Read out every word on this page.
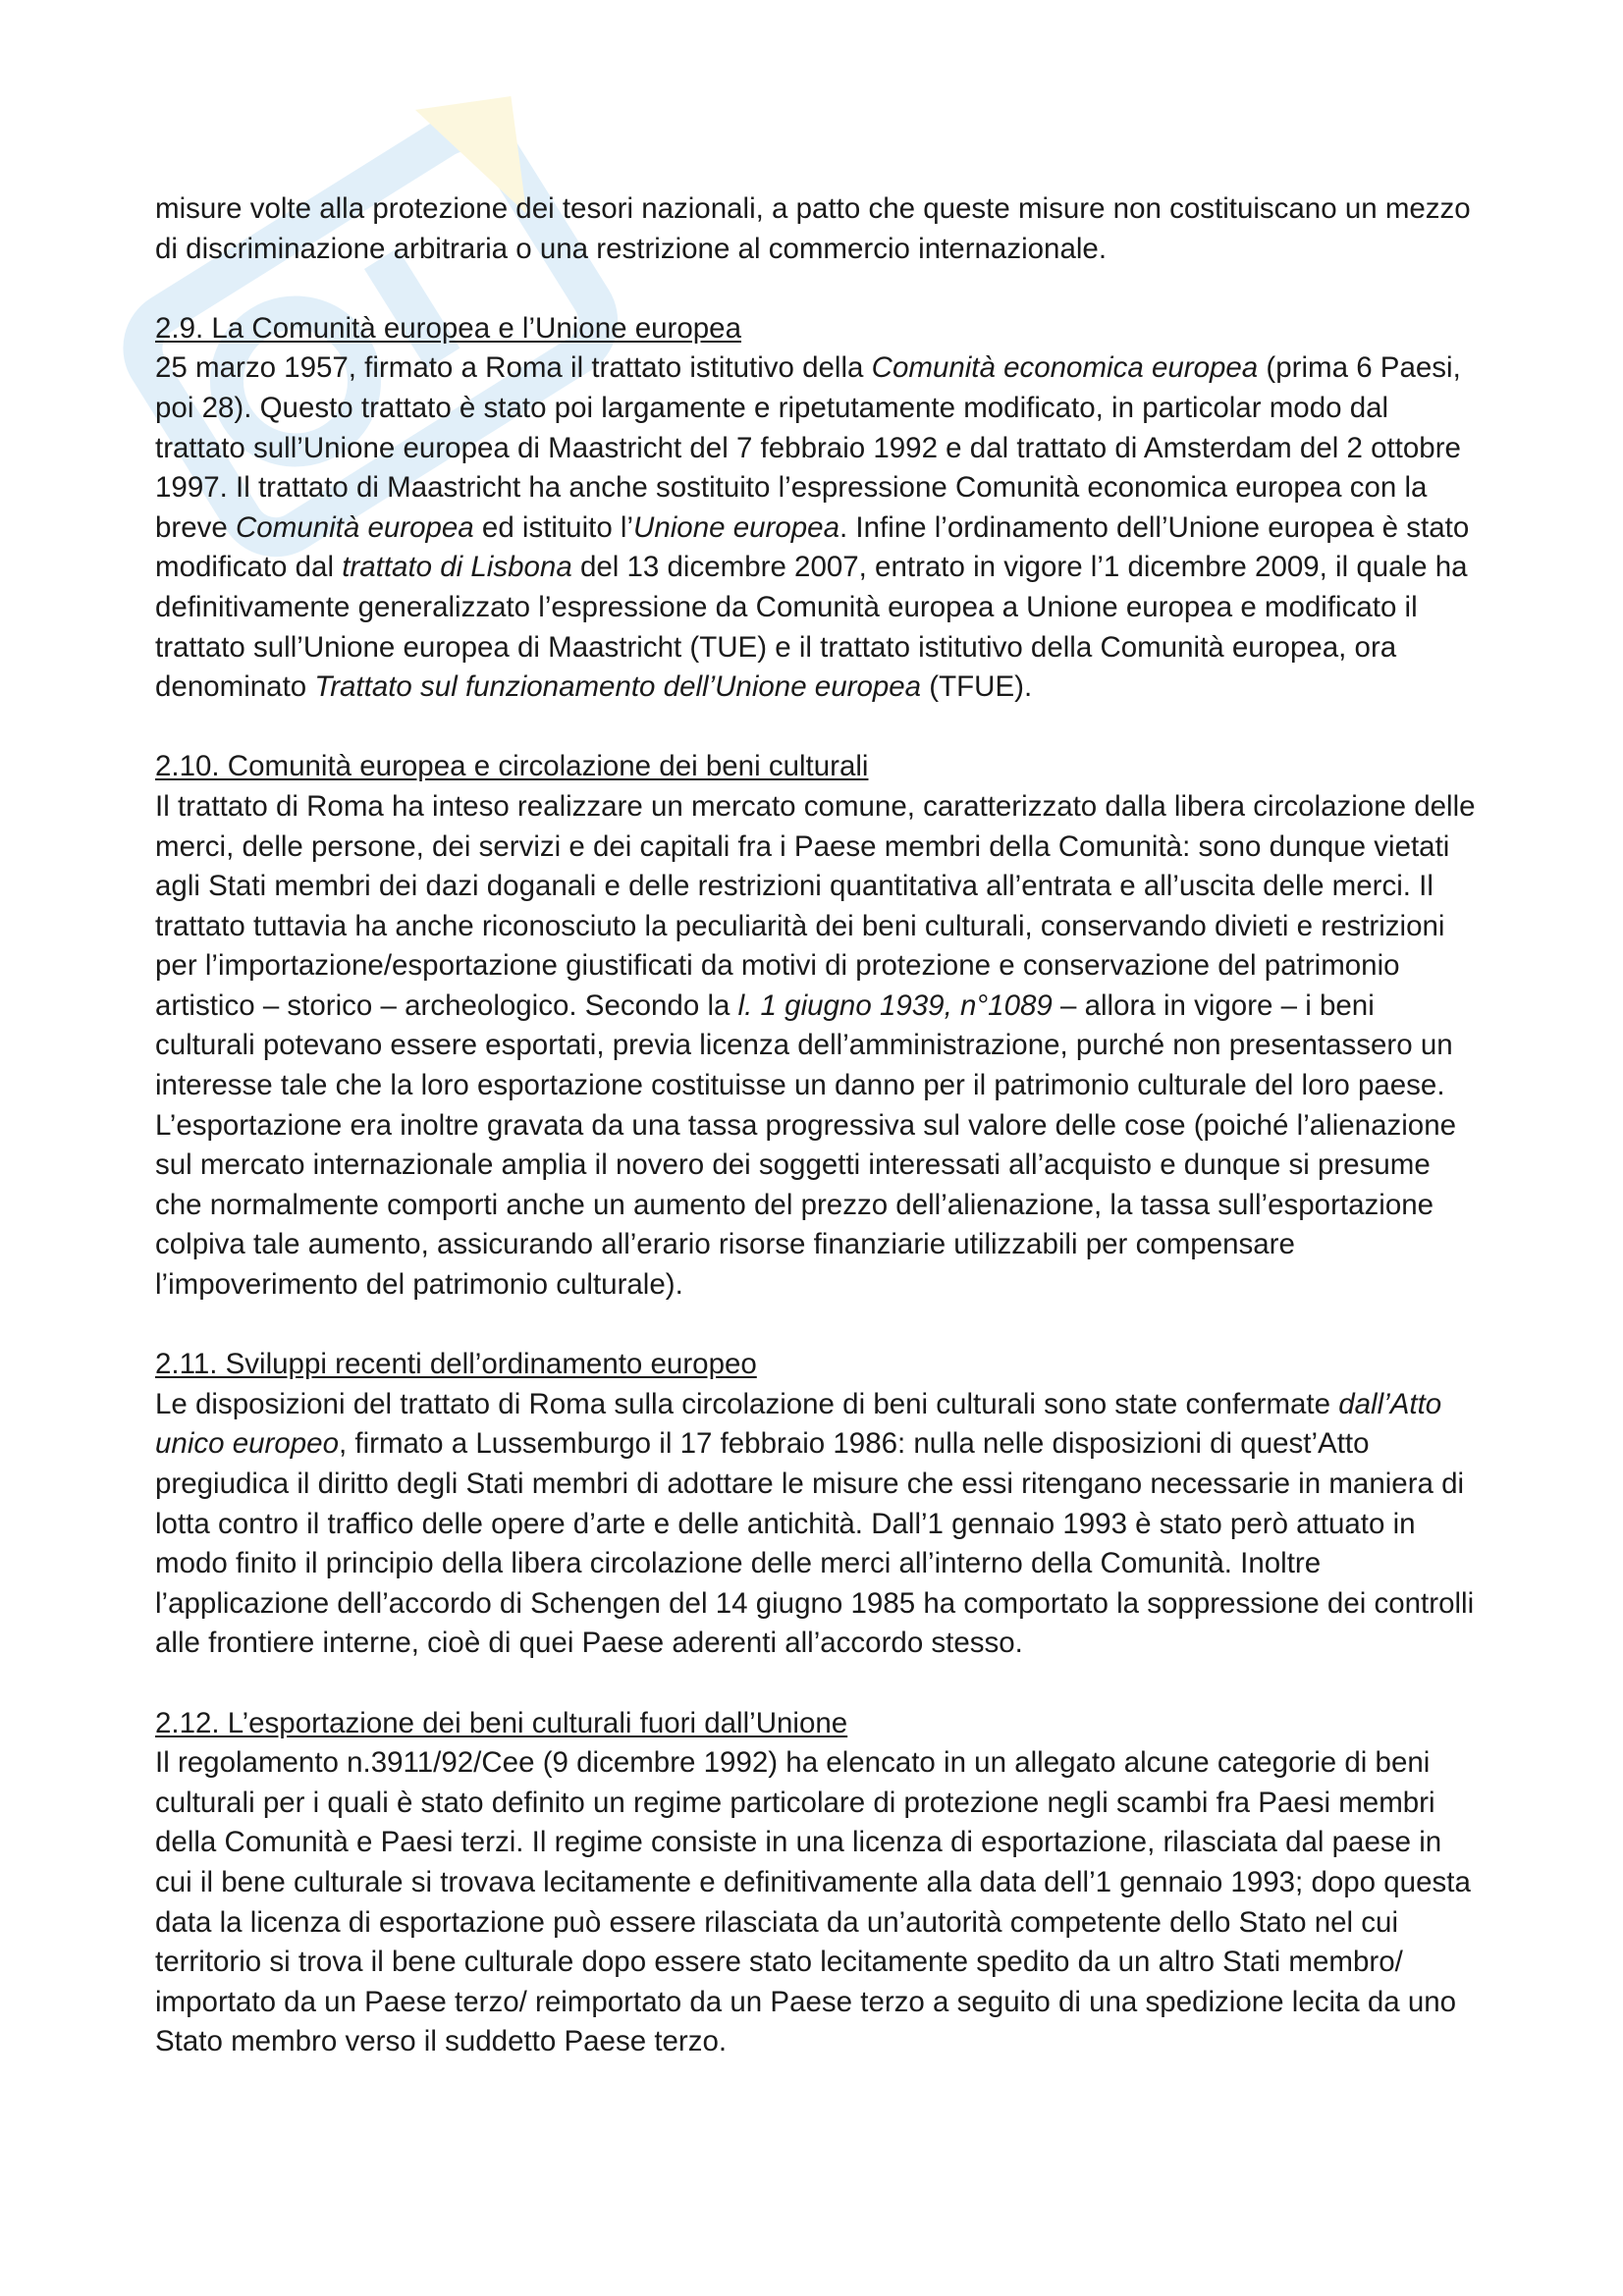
misure volte alla protezione dei tesori nazionali, a patto che queste misure non costituiscano un mezzo di discriminazione arbitraria o una restrizione al commercio internazionale.

2.9. La Comunità europea e l’Unione europea

25 marzo 1957, firmato a Roma il trattato istitutivo della Comunità economica europea (prima 6 Paesi, poi 28). Questo trattato è stato poi largamente e ripetutamente modificato, in particolar modo dal trattato sull’Unione europea di Maastricht del 7 febbraio 1992 e dal trattato di Amsterdam del 2 ottobre 1997. Il trattato di Maastricht ha anche sostituito l’espressione Comunità economica europea con la breve Comunità europea ed istituito l’Unione europea. Infine l’ordinamento dell’Unione europea è stato modificato dal trattato di Lisbona del 13 dicembre 2007, entrato in vigore l’1 dicembre 2009, il quale ha definitivamente generalizzato l’espressione da Comunità europea a Unione europea e modificato il trattato sull’Unione europea di Maastricht (TUE) e il trattato istitutivo della Comunità europea, ora denominato Trattato sul funzionamento dell’Unione europea (TFUE).

2.10. Comunità europea e circolazione dei beni culturali

Il trattato di Roma ha inteso realizzare un mercato comune, caratterizzato dalla libera circolazione delle merci, delle persone, dei servizi e dei capitali fra i Paese membri della Comunità: sono dunque vietati agli Stati membri dei dazi doganali e delle restrizioni quantitativa all’entrata e all’uscita delle merci. Il trattato tuttavia ha anche riconosciuto la peculiarità dei beni culturali, conservando divieti e restrizioni per l’importazione/esportazione giustificati da motivi di protezione e conservazione del patrimonio artistico – storico – archeologico. Secondo la l. 1 giugno 1939, n°1089 – allora in vigore – i beni culturali potevano essere esportati, previa licenza dell’amministrazione, purché non presentassero un interesse tale che la loro esportazione costituisse un danno per il patrimonio culturale del loro paese. L’esportazione era inoltre gravata da una tassa progressiva sul valore delle cose (poiché l’alienazione sul mercato internazionale amplia il novero dei soggetti interessati all’acquisto e dunque si presume che normalmente comporti anche un aumento del prezzo dell’alienazione, la tassa sull’esportazione colpiva tale aumento, assicurando all’erario risorse finanziarie utilizzabili per compensare l’impoverimento del patrimonio culturale).

2.11. Sviluppi recenti dell’ordinamento europeo

Le disposizioni del trattato di Roma sulla circolazione di beni culturali sono state confermate dall’Atto unico europeo, firmato a Lussemburgo il 17 febbraio 1986: nulla nelle disposizioni di quest’Atto pregiudica il diritto degli Stati membri di adottare le misure che essi ritengano necessarie in maniera di lotta contro il traffico delle opere d’arte e delle antichità. Dall’1 gennaio 1993 è stato però attuato in modo finito il principio della libera circolazione delle merci all’interno della Comunità. Inoltre l’applicazione dell’accordo di Schengen del 14 giugno 1985 ha comportato la soppressione dei controlli alle frontiere interne, cioè di quei Paese aderenti all’accordo stesso.

2.12. L’esportazione dei beni culturali fuori dall’Unione

Il regolamento n.3911/92/Cee (9 dicembre 1992) ha elencato in un allegato alcune categorie di beni culturali per i quali è stato definito un regime particolare di protezione negli scambi fra Paesi membri della Comunità e Paesi terzi. Il regime consiste in una licenza di esportazione, rilasciata dal paese in cui il bene culturale si trovava lecitamente e definitivamente alla data dell’1 gennaio 1993; dopo questa data la licenza di esportazione può essere rilasciata da un’autorità competente dello Stato nel cui territorio si trova il bene culturale dopo essere stato lecitamente spedito da un altro Stati membro/ importato da un Paese terzo/ reimportato da un Paese terzo a seguito di una spedizione lecita da uno Stato membro verso il suddetto Paese terzo.
